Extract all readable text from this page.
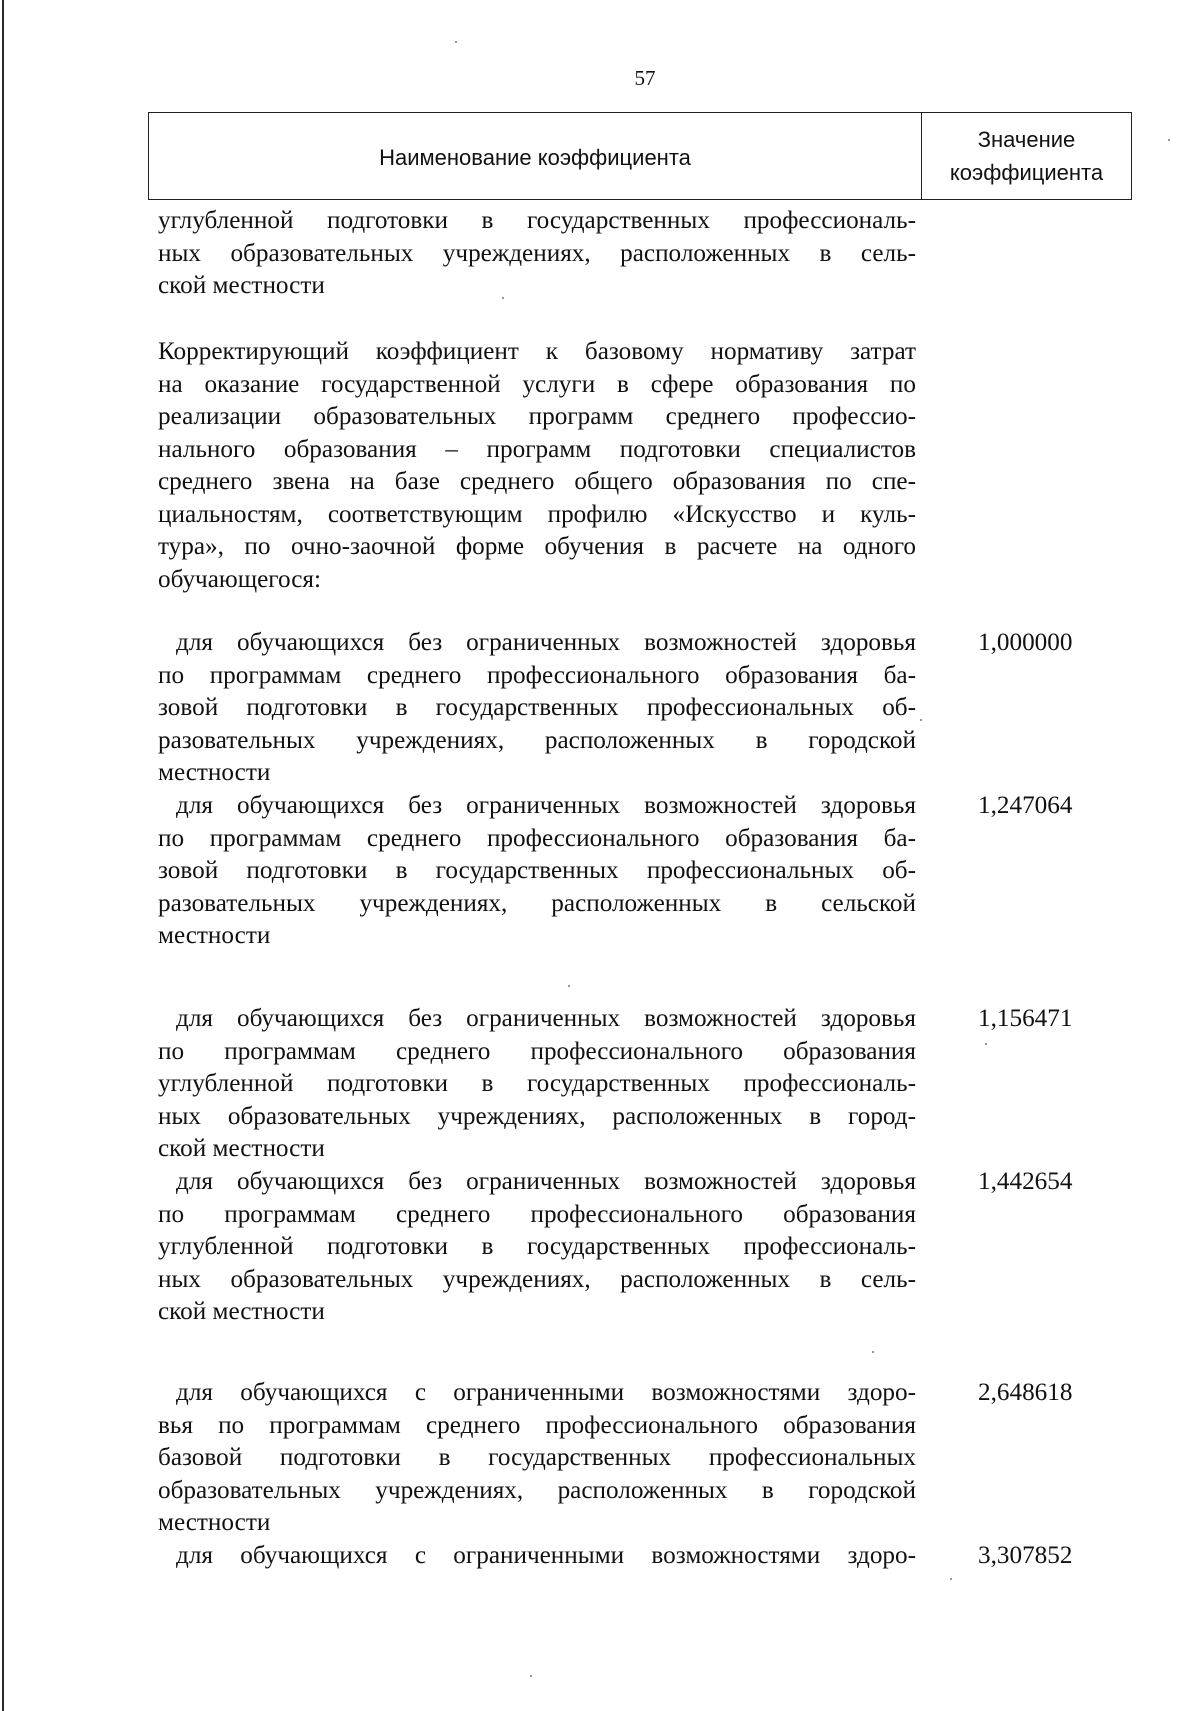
57
Наименование коэффициента
Значение
коэффициента
углубленной подготовки в государственных профессиональ-
ных образовательных учреждениях, расположенных в сель-
ской местности
Корректирующий коэффициент к базовому нормативу затрат
на оказание государственной услуги в сфере образования по
реализации образовательных программ среднего профессио-
нального образования – программ подготовки специалистов
среднего звена на базе среднего общего образования по спе-
циальностям, соответствующим профилю «Искусство и куль-
тура», по очно-заочной форме обучения в расчете на одного
обучающегося:
для обучающихся без ограниченных возможностей здоровья
по программам среднего профессионального образования ба-
зовой подготовки в государственных профессиональных об-
разовательных учреждениях, расположенных в городской
местности
1,000000
для обучающихся без ограниченных возможностей здоровья
по программам среднего профессионального образования ба-
зовой подготовки в государственных профессиональных об-
разовательных учреждениях, расположенных в сельской
местности
1,247064
для обучающихся без ограниченных возможностей здоровья
по программам среднего профессионального образования
углубленной подготовки в государственных профессиональ-
ных образовательных учреждениях, расположенных в город-
ской местности
1,156471
для обучающихся без ограниченных возможностей здоровья
по программам среднего профессионального образования
углубленной подготовки в государственных профессиональ-
ных образовательных учреждениях, расположенных в сель-
ской местности
1,442654
для обучающихся с ограниченными возможностями здоро-
вья по программам среднего профессионального образования
базовой подготовки в государственных профессиональных
образовательных учреждениях, расположенных в городской
местности
2,648618
для обучающихся с ограниченными возможностями здоро- 3,307852
